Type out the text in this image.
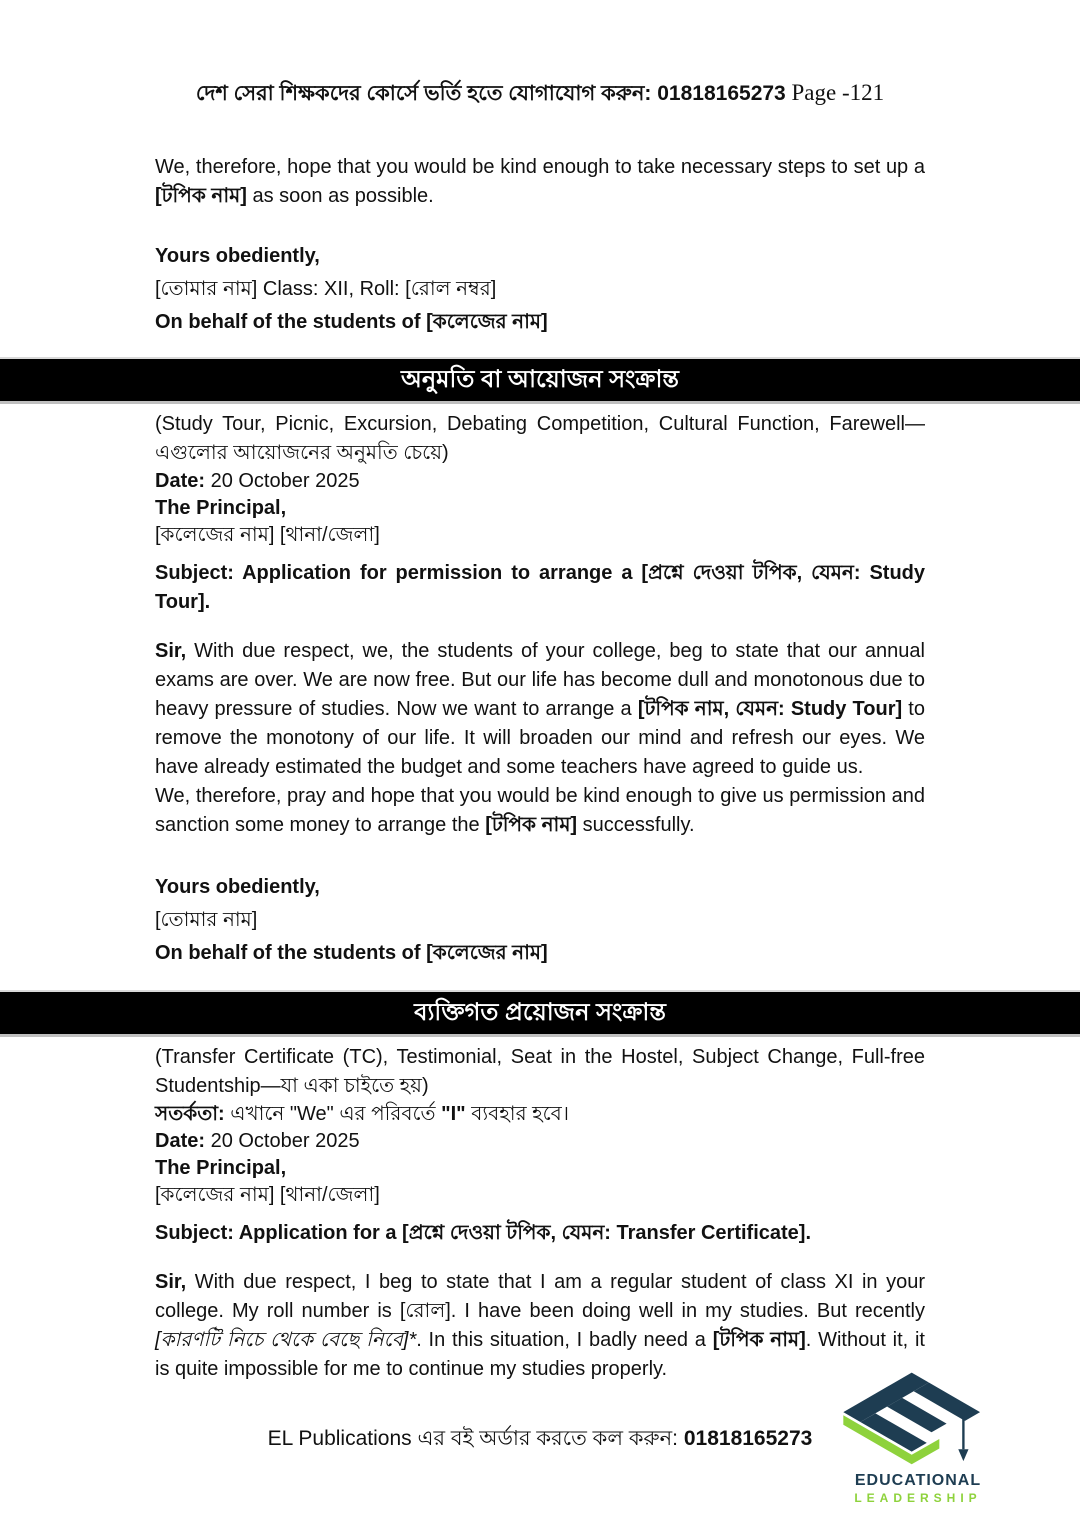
দেশ সেরা শিক্ষকদের কোর্সে ভর্তি হতে যোগাযোগ করুন: 01818165273 Page -121

We, therefore, hope that you would be kind enough to take necessary steps to set up a [টপিক নাম] as soon as possible.

Yours obediently,
[তোমার নাম] Class: XII, Roll: [রোল নম্বর]
On behalf of the students of [কলেজের নাম]
অনুমতি বা আয়োজন সংক্রান্ত

(Study Tour, Picnic, Excursion, Debating Competition, Cultural Function, Farewell—এগুলোর আয়োজনের অনুমতি চেয়ে)

Date: 20 October 2025
The Principal,
[কলেজের নাম] [থানা/জেলা]

Subject: Application for permission to arrange a [প্রশ্নে দেওয়া টপিক, যেমন: Study Tour].

Sir, With due respect, we, the students of your college, beg to state that our annual exams are over. We are now free. But our life has become dull and monotonous due to heavy pressure of studies. Now we want to arrange a [টপিক নাম, যেমন: Study Tour] to remove the monotony of our life. It will broaden our mind and refresh our eyes. We have already estimated the budget and some teachers have agreed to guide us.

We, therefore, pray and hope that you would be kind enough to give us permission and sanction some money to arrange the [টপিক নাম] successfully.

Yours obediently,
[তোমার নাম]
On behalf of the students of [কলেজের নাম]
ব্যক্তিগত প্রয়োজন সংক্রান্ত

(Transfer Certificate (TC), Testimonial, Seat in the Hostel, Subject Change, Full-free Studentship—যা একা চাইতে হয়)

সতর্কতা: এখানে "We" এর পরিবর্তে "I" ব্যবহার হবে।
Date: 20 October 2025
The Principal,
[কলেজের নাম] [থানা/জেলা]

Subject: Application for a [প্রশ্নে দেওয়া টপিক, যেমন: Transfer Certificate].

Sir, With due respect, I beg to state that I am a regular student of class XI in your college. My roll number is [রোল]. I have been doing well in my studies. But recently [কারণটি নিচে থেকে বেছে নিবে]*. In this situation, I badly need a [টপিক নাম]. Without it, it is quite impossible for me to continue my studies properly.

EL Publications এর বই অর্ডার করতে কল করুন: 01818165273
EDUCATIONAL
LEADERSHIP
